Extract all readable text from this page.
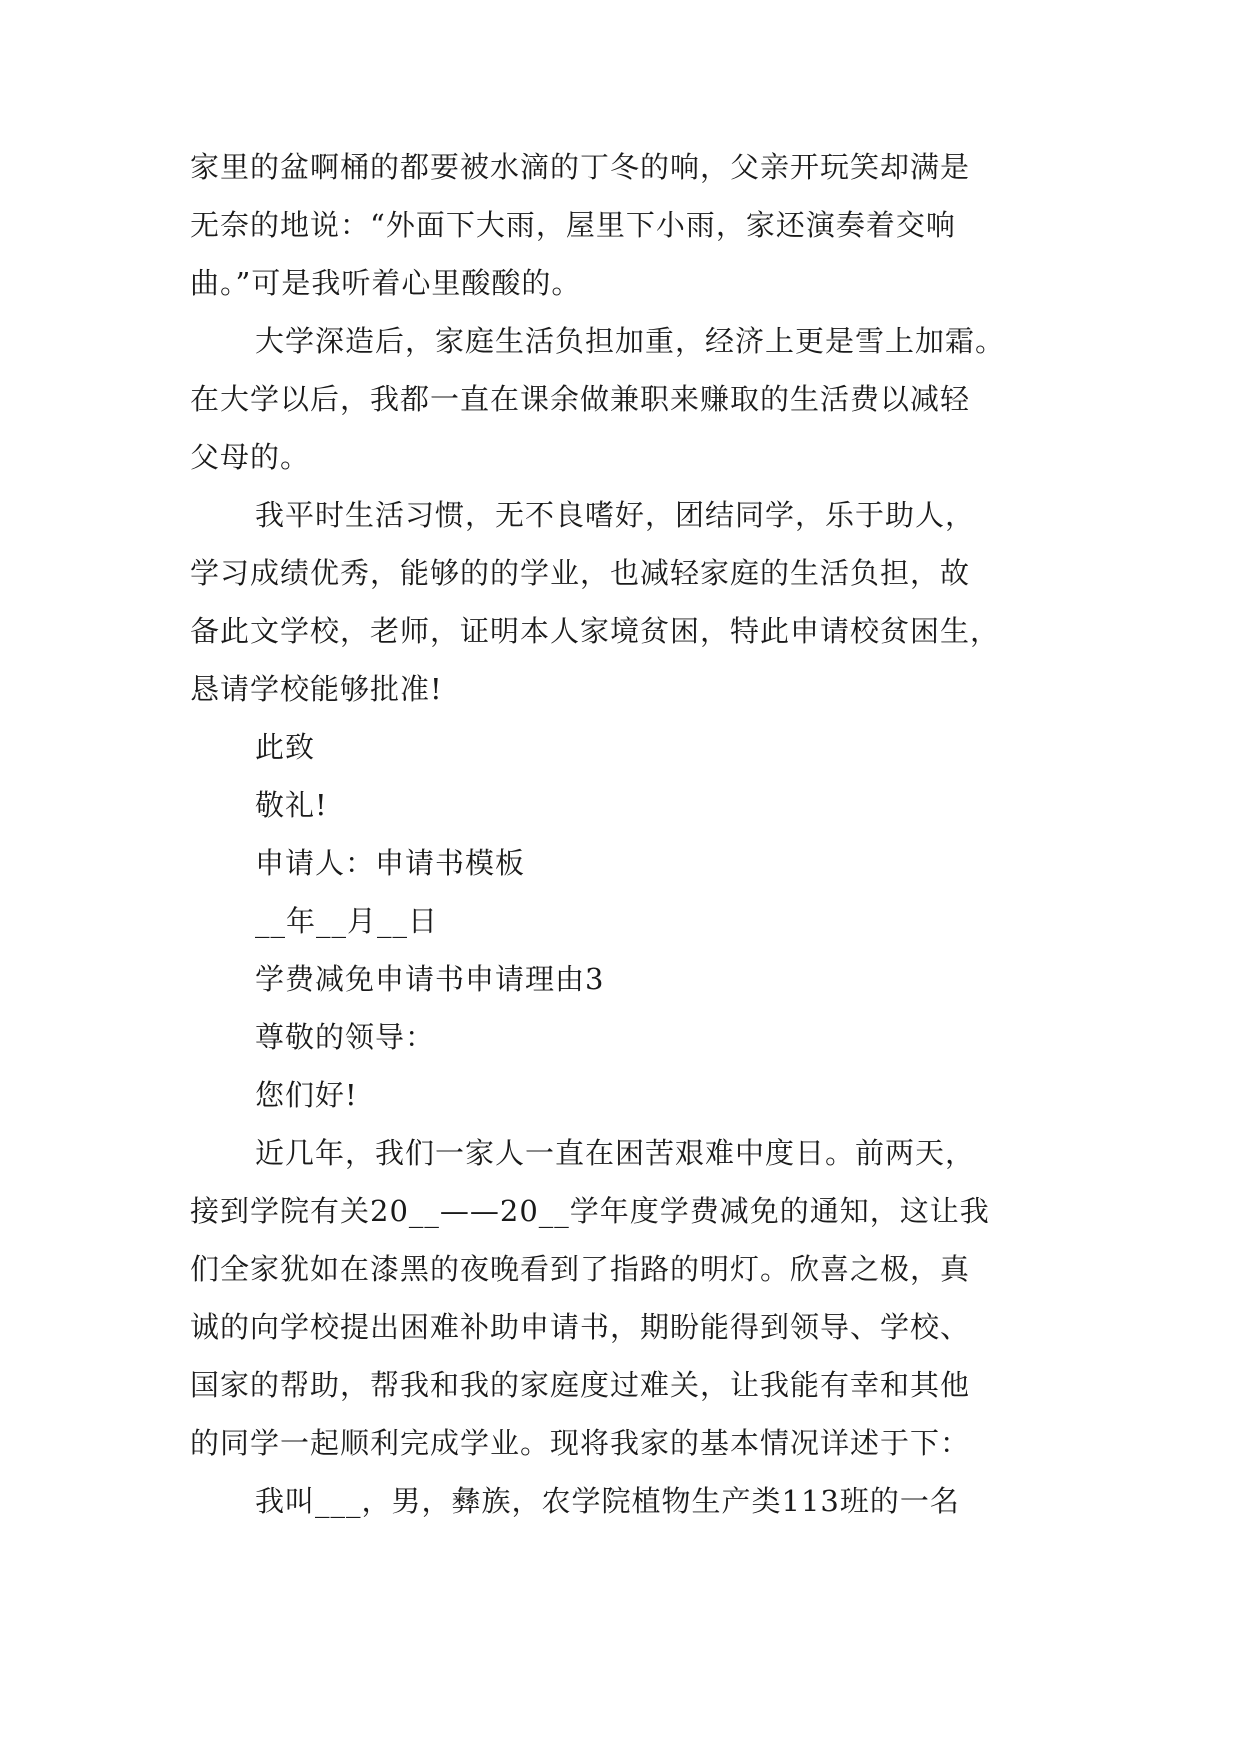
家里的盆啊桶的都要被水滴的丁冬的响，父亲开玩笑却满是
无奈的地说：“外面下大雨，屋里下小雨，家还演奏着交响
曲。”可是我听着心里酸酸的。
大学深造后，家庭生活负担加重，经济上更是雪上加霜。
在大学以后，我都一直在课余做兼职来赚取的生活费以减轻
父母的。
我平时生活习惯，无不良嗜好，团结同学，乐于助人，
学习成绩优秀，能够的的学业，也减轻家庭的生活负担，故
备此文学校，老师，证明本人家境贫困，特此申请校贫困生，
恳请学校能够批准!
此致
敬礼!
申请人：申请书模板
__年__月__日
学费减免申请书申请理由3
尊敬的领导：
您们好!
近几年，我们一家人一直在困苦艰难中度日。前两天，
接到学院有关20__——20__学年度学费减免的通知，这让我
们全家犹如在漆黑的夜晚看到了指路的明灯。欣喜之极，真
诚的向学校提出困难补助申请书，期盼能得到领导、学校、
国家的帮助，帮我和我的家庭度过难关，让我能有幸和其他
的同学一起顺利完成学业。现将我家的基本情况详述于下：
我叫___，男，彝族，农学院植物生产类113班的一名
